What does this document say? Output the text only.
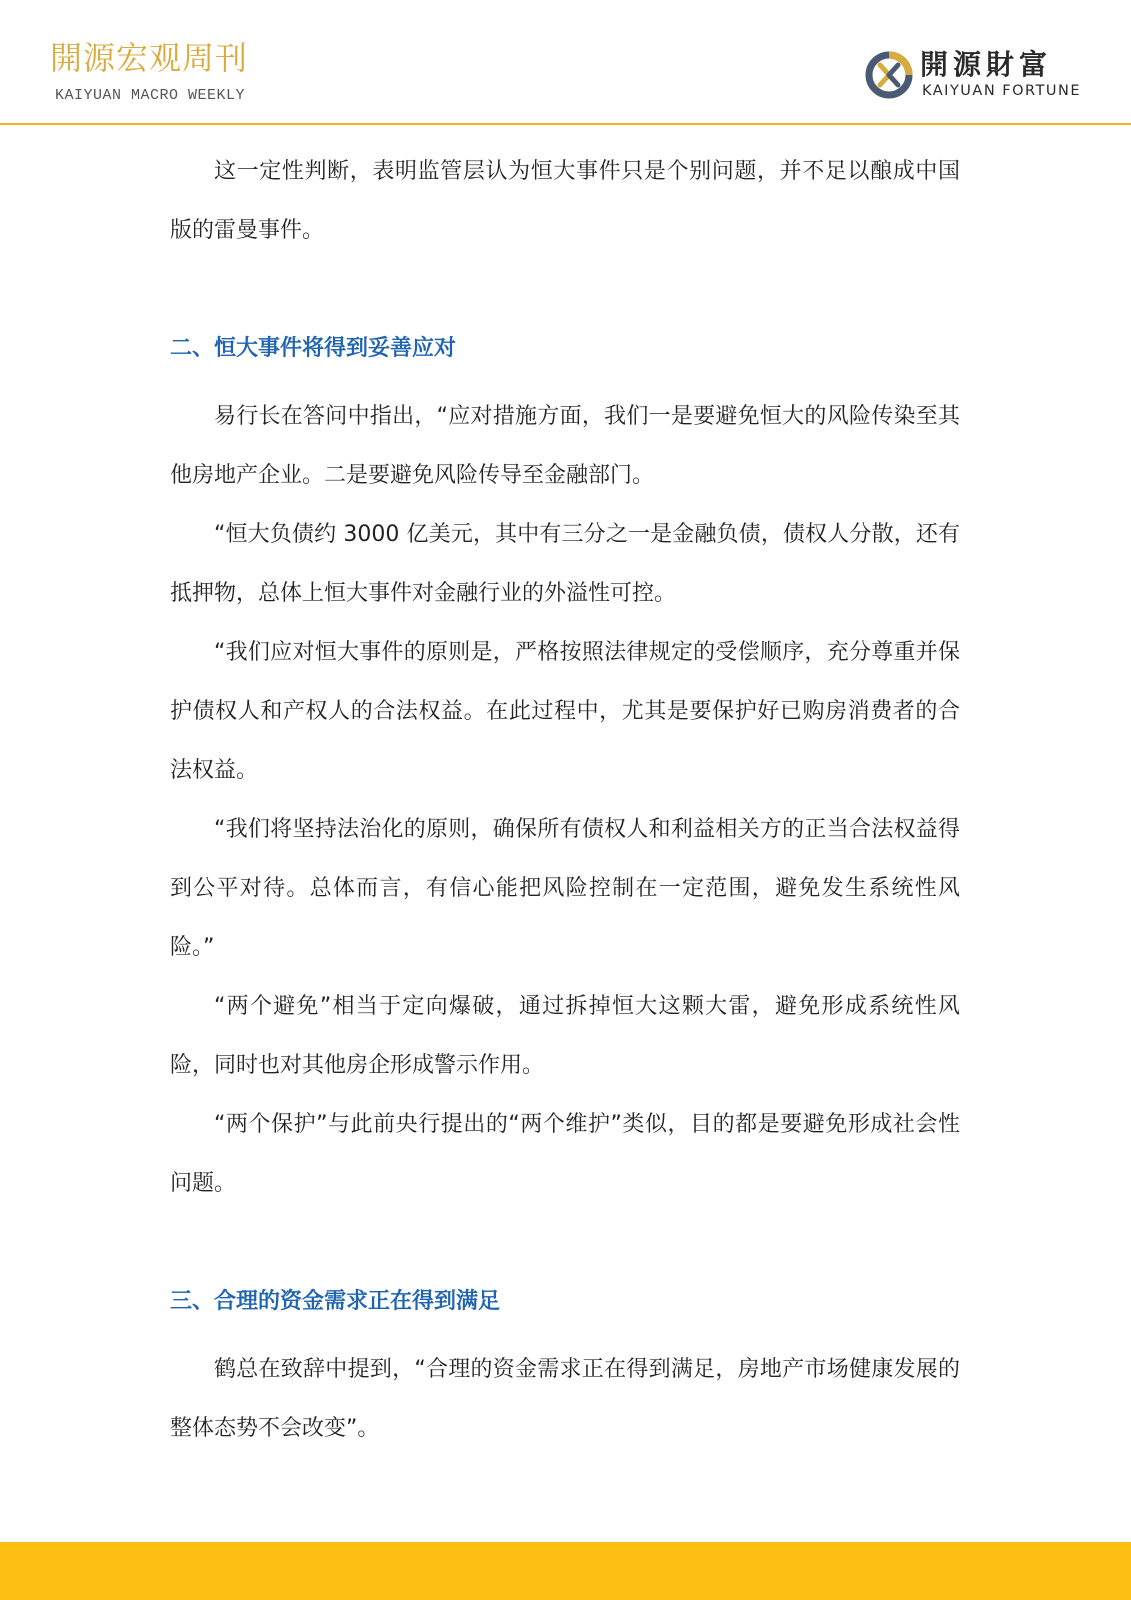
開源宏观周刊
KAIYUAN MACRO WEEKLY
開源財富
KAIYUAN FORTUNE

这一定性判断，表明监管层认为恒大事件只是个别问题，并不足以酿成中国版的雷曼事件。

二、恒大事件将得到妥善应对

易行长在答问中指出，“应对措施方面，我们一是要避免恒大的风险传染至其他房地产企业。二是要避免风险传导至金融部门。

“恒大负债约 3000 亿美元，其中有三分之一是金融负债，债权人分散，还有抵押物，总体上恒大事件对金融行业的外溢性可控。

“我们应对恒大事件的原则是，严格按照法律规定的受偿顺序，充分尊重并保护债权人和产权人的合法权益。在此过程中，尤其是要保护好已购房消费者的合法权益。

“我们将坚持法治化的原则，确保所有债权人和利益相关方的正当合法权益得到公平对待。总体而言，有信心能把风险控制在一定范围，避免发生系统性风险。”

“两个避免”相当于定向爆破，通过拆掉恒大这颗大雷，避免形成系统性风险，同时也对其他房企形成警示作用。

“两个保护”与此前央行提出的“两个维护”类似，目的都是要避免形成社会性问题。

三、合理的资金需求正在得到满足

鹤总在致辞中提到，“合理的资金需求正在得到满足，房地产市场健康发展的整体态势不会改变”。
